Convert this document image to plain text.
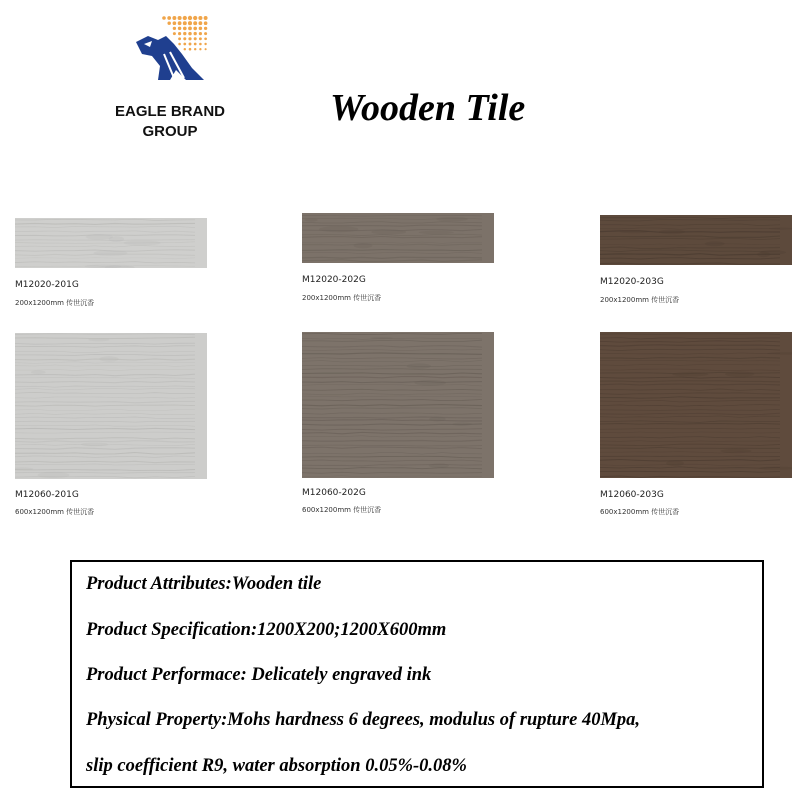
EAGLE BRAND
GROUP
Wooden Tile
M12020-201G
200x1200mm 传世沉香
M12020-202G
200x1200mm 传世沉香
M12020-203G
200x1200mm 传世沉香
M12060-201G
600x1200mm 传世沉香
M12060-202G
600x1200mm 传世沉香
M12060-203G
600x1200mm 传世沉香
Product Attributes:Wooden tile
Product Specification:1200X200;1200X600mm
Product Performace: Delicately engraved ink
Physical Property:Mohs hardness 6 degrees, modulus of rupture 40Mpa,
slip coefficient R9, water absorption 0.05%-0.08%
